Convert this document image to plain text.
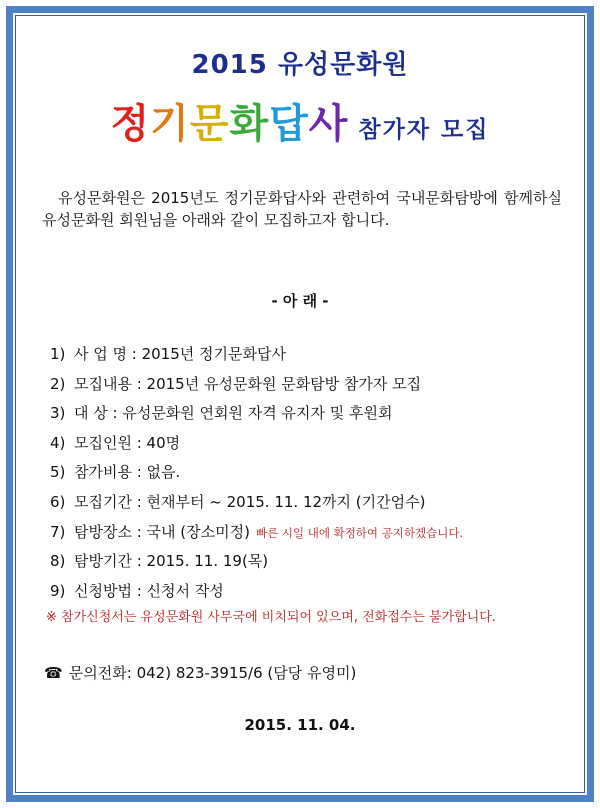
2015 유성문화원
정기문화답사 참가자 모집
유성문화원은 2015년도 정기문화답사와 관련하여 국내문화탐방에 함께하실 유성문화원 회원님을 아래와 같이 모집하고자 합니다.
- 아 래 -
1) 사 업 명 : 2015년 정기문화답사
2) 모집내용 : 2015년 유성문화원 문화탐방 참가자 모집
3) 대 상 : 유성문화원 연회원 자격 유지자 및 후원회
4) 모집인원 : 40명
5) 참가비용 : 없음.
6) 모집기간 : 현재부터 ~ 2015. 11. 12까지 (기간엄수)
7) 탐방장소 : 국내 (장소미정) 빠른 시일 내에 확정하여 공지하겠습니다.
8) 탐방기간 : 2015. 11. 19(목)
9) 신청방법 : 신청서 작성
※ 참가신청서는 유성문화원 사무국에 비치되어 있으며, 전화접수는 불가합니다.
☎ 문의전화: 042) 823-3915/6 (담당 유영미)
2015. 11. 04.
